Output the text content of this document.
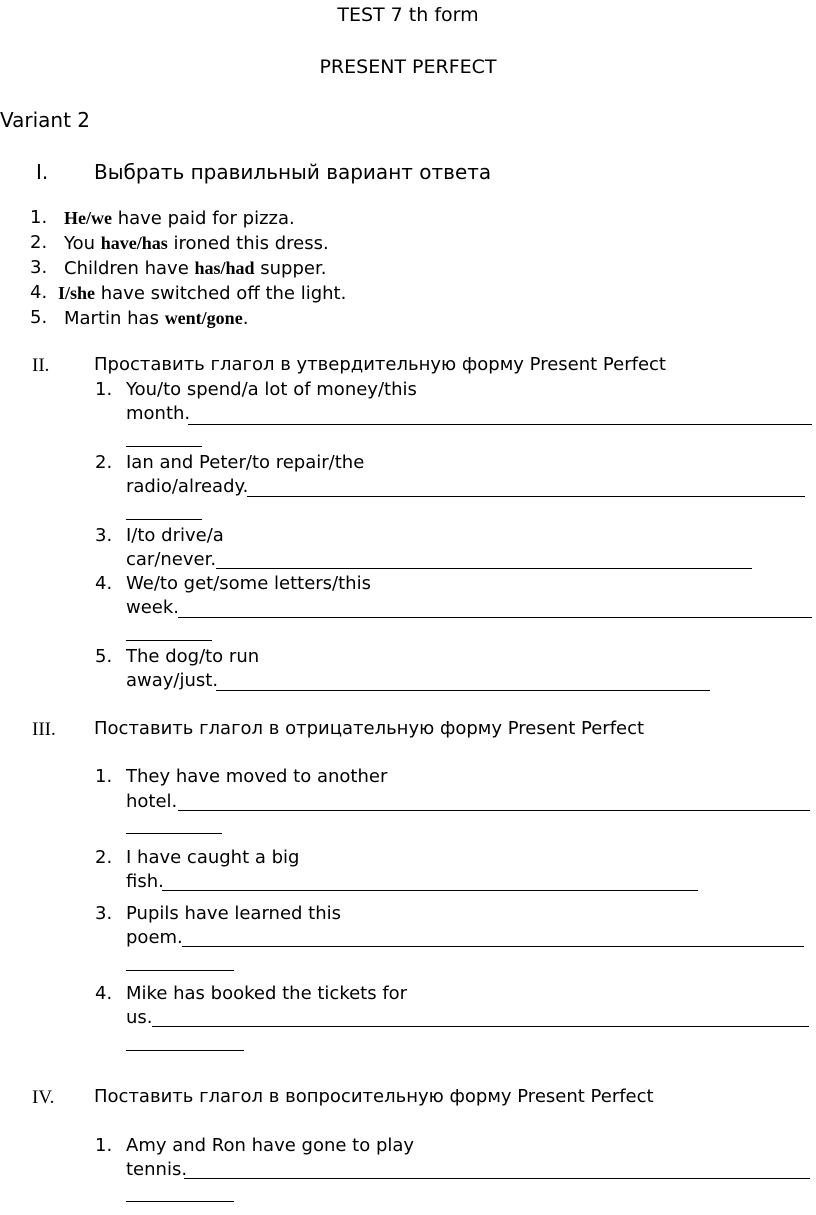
TEST 7 th form
PRESENT PERFECT
Variant 2
I. Выбрать правильный вариант ответа
1. He/we have paid for pizza.
2. You have/has ironed this dress.
3. Children have has/had supper.
4. I/she have switched off the light.
5. Martin has went/gone.
II. Проставить глагол в утвердительную форму Present Perfect
1. You/to spend/a lot of money/this
month.
2. Ian and Peter/to repair/the
radio/already.
3. I/to drive/a
car/never.
4. We/to get/some letters/this
week.
5. The dog/to run
away/just.
III. Поставить глагол в отрицательную форму Present Perfect
1. They have moved to another
hotel.
2. I have caught a big
fish.
3. Pupils have learned this
poem.
4. Mike has booked the tickets for
us.
IV. Поставить глагол в вопросительную форму Present Perfect
1. Amy and Ron have gone to play
tennis.
